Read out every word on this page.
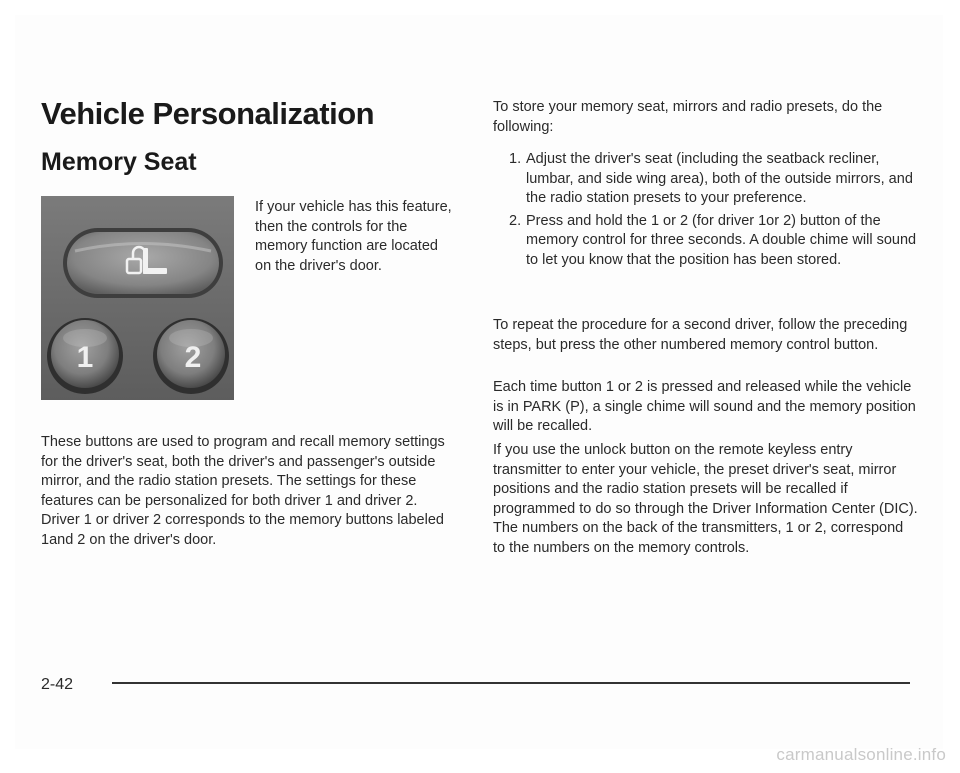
Vehicle Personalization
Memory Seat
1	2

If your vehicle has this feature, then the controls for the memory function are located on the driver's door.

These buttons are used to program and recall memory settings for the driver's seat, both the driver's and passenger's outside mirror, and the radio station presets. The settings for these features can be personalized for both driver 1 and driver 2. Driver 1 or driver 2 corresponds to the memory buttons labeled 1and 2 on the driver's door.

To store your memory seat, mirrors and radio presets, do the following:

1. Adjust the driver's seat (including the seatback recliner, lumbar, and side wing area), both of the outside mirrors, and the radio station presets to your preference.
2. Press and hold the 1 or 2 (for driver 1or 2) button of the memory control for three seconds. A double chime will sound to let you know that the position has been stored.

To repeat the procedure for a second driver, follow the preceding steps, but press the other numbered memory control button.

Each time button 1 or 2 is pressed and released while the vehicle is in PARK (P), a single chime will sound and the memory position will be recalled.

If you use the unlock button on the remote keyless entry transmitter to enter your vehicle, the preset driver's seat, mirror positions and the radio station presets will be recalled if programmed to do so through the Driver Information Center (DIC). The numbers on the back of the transmitters, 1 or 2, correspond to the numbers on the memory controls.

2-42
carmanualsonline.info
